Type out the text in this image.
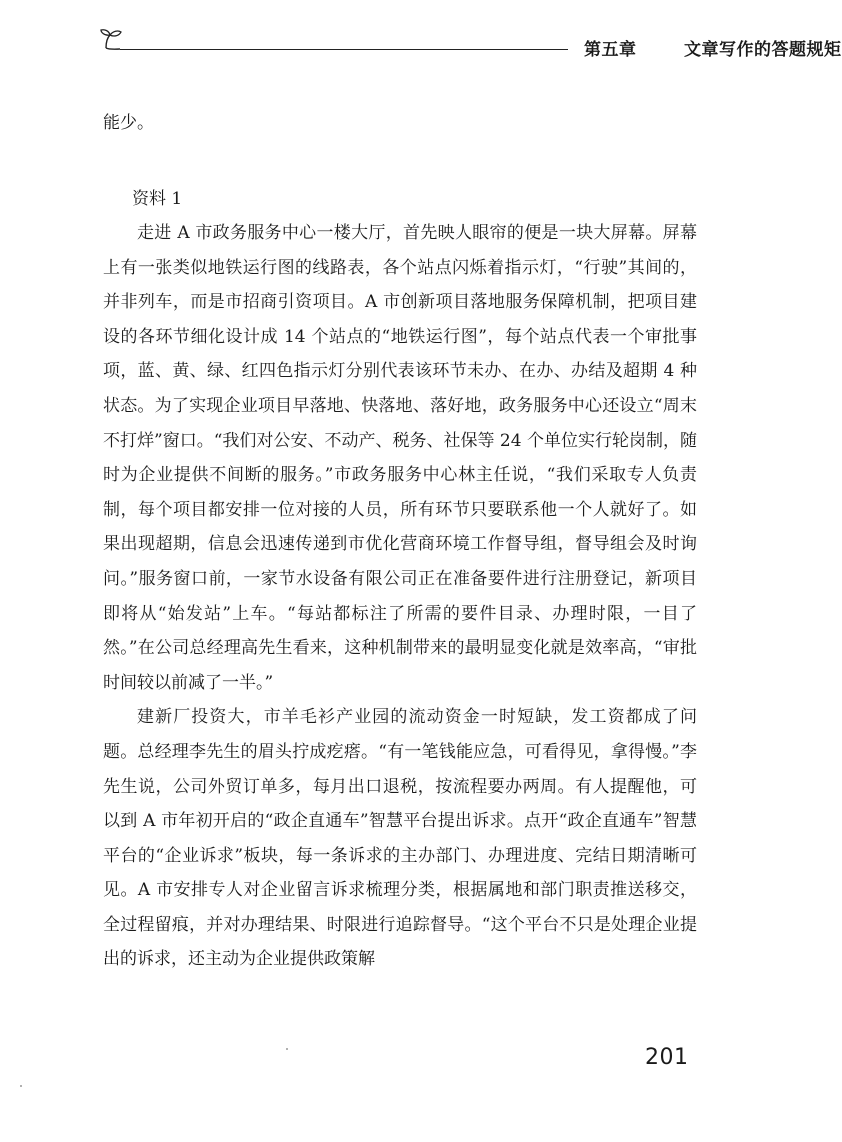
第五章	文章写作的答题规矩

能少。

资料 1

走进 A 市政务服务中心一楼大厅，首先映人眼帘的便是一块大屏幕。屏幕上有一张类似地铁运行图的线路表，各个站点闪烁着指示灯，“行驶”其间的，并非列车，而是市招商引资项目。A 市创新项目落地服务保障机制，把项目建设的各环节细化设计成 14 个站点的“地铁运行图”，每个站点代表一个审批事项，蓝、黄、绿、红四色指示灯分别代表该环节未办、在办、办结及超期 4 种状态。为了实现企业项目早落地、快落地、落好地，政务服务中心还设立“周末不打烊”窗口。“我们对公安、不动产、税务、社保等 24 个单位实行轮岗制，随时为企业提供不间断的服务。”市政务服务中心林主任说，“我们采取专人负责制，每个项目都安排一位对接的人员，所有环节只要联系他一个人就好了。如果出现超期，信息会迅速传递到市优化营商环境工作督导组，督导组会及时询问。”服务窗口前，一家节水设备有限公司正在准备要件进行注册登记，新项目即将从“始发站”上车。“每站都标注了所需的要件目录、办理时限，一目了然。”在公司总经理高先生看来，这种机制带来的最明显变化就是效率高，“审批时间较以前减了一半。”

建新厂投资大，市羊毛衫产业园的流动资金一时短缺，发工资都成了问题。总经理李先生的眉头拧成疙瘩。“有一笔钱能应急，可看得见，拿得慢。”李先生说，公司外贸订单多，每月出口退税，按流程要办两周。有人提醒他，可以到 A 市年初开启的“政企直通车”智慧平台提出诉求。点开“政企直通车”智慧平台的“企业诉求”板块，每一条诉求的主办部门、办理进度、完结日期清晰可见。A 市安排专人对企业留言诉求梳理分类，根据属地和部门职责推送移交，全过程留痕，并对办理结果、时限进行追踪督导。“这个平台不只是处理企业提出的诉求，还主动为企业提供政策解

201
